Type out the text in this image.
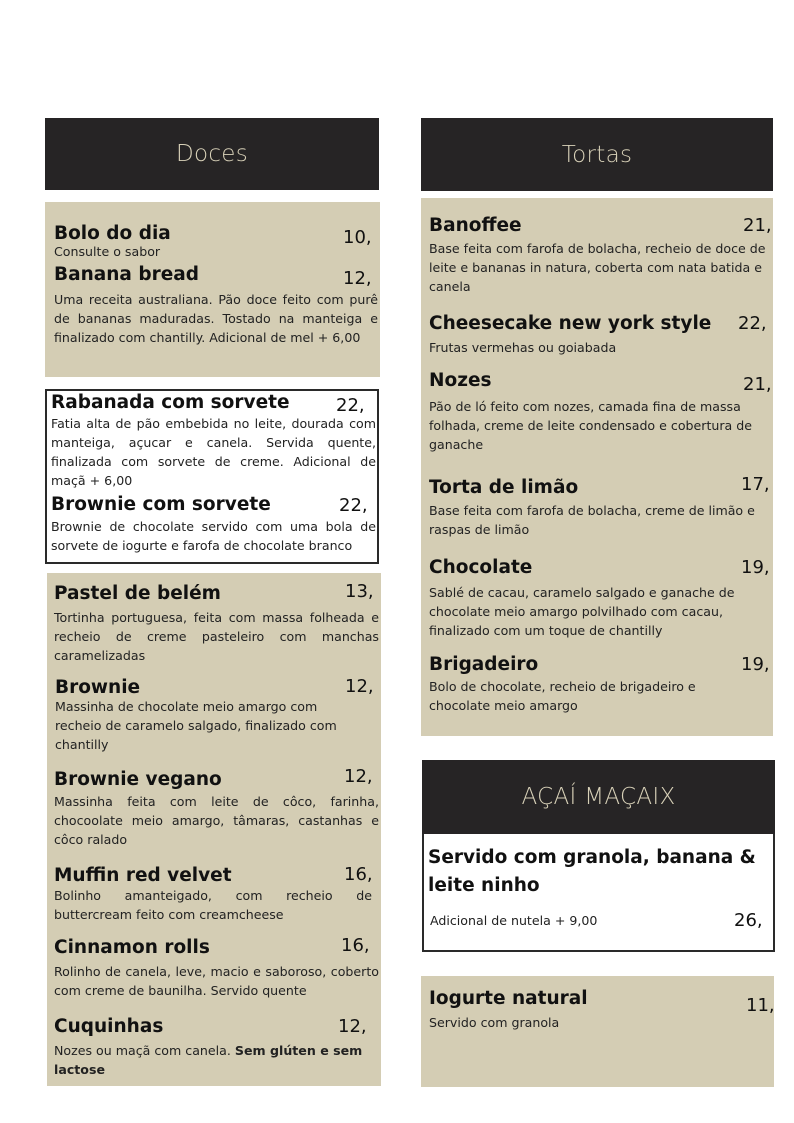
Doces
Bolo do dia	10,
Consulte o sabor
Banana bread	12,
Uma receita australiana. Pão doce feito com purê de bananas maduradas. Tostado na manteiga e finalizado com chantilly. Adicional de mel + 6,00
Rabanada com sorvete	22,
Fatia alta de pão embebida no leite, dourada com manteiga, açucar e canela. Servida quente, finalizada com sorvete de creme. Adicional de maçã + 6,00
Brownie com sorvete	22,
Brownie de chocolate servido com uma bola de sorvete de iogurte e farofa de chocolate branco
Pastel de belém	13,
Tortinha portuguesa, feita com massa folheada e recheio de creme pasteleiro com manchas caramelizadas
Brownie	12,
Massinha de chocolate meio amargo com recheio de caramelo salgado, finalizado com chantilly
Brownie vegano	12,
Massinha feita com leite de côco, farinha, chocoolate meio amargo, tâmaras, castanhas e côco ralado
Muffin red velvet	16,
Bolinho amanteigado, com recheio de buttercream feito com creamcheese
Cinnamon rolls	16,
Rolinho de canela, leve, macio e saboroso, coberto com creme de baunilha. Servido quente
Cuquinhas	12,
Nozes ou maçã com canela. Sem glúten e sem lactose
Tortas
Banoffee	21,
Base feita com farofa de bolacha, recheio de doce de leite e bananas in natura, coberta com nata batida e canela
Cheesecake new york style 22,
Frutas vermehas ou goiabada
Nozes	21,
Pão de ló feito com nozes, camada fina de massa folhada, creme de leite condensado e cobertura de ganache
Torta de limão	17,
Base feita com farofa de bolacha, creme de limão e raspas de limão
Chocolate	19,
Sablé de cacau, caramelo salgado e ganache de chocolate meio amargo polvilhado com cacau, finalizado com um toque de chantilly
Brigadeiro	19,
Bolo de chocolate, recheio de brigadeiro e chocolate meio amargo
AÇAÍ MAÇAIX
Servido com granola, banana & leite ninho
Adicional de nutela + 9,00	26,
Iogurte natural	11,
Servido com granola
